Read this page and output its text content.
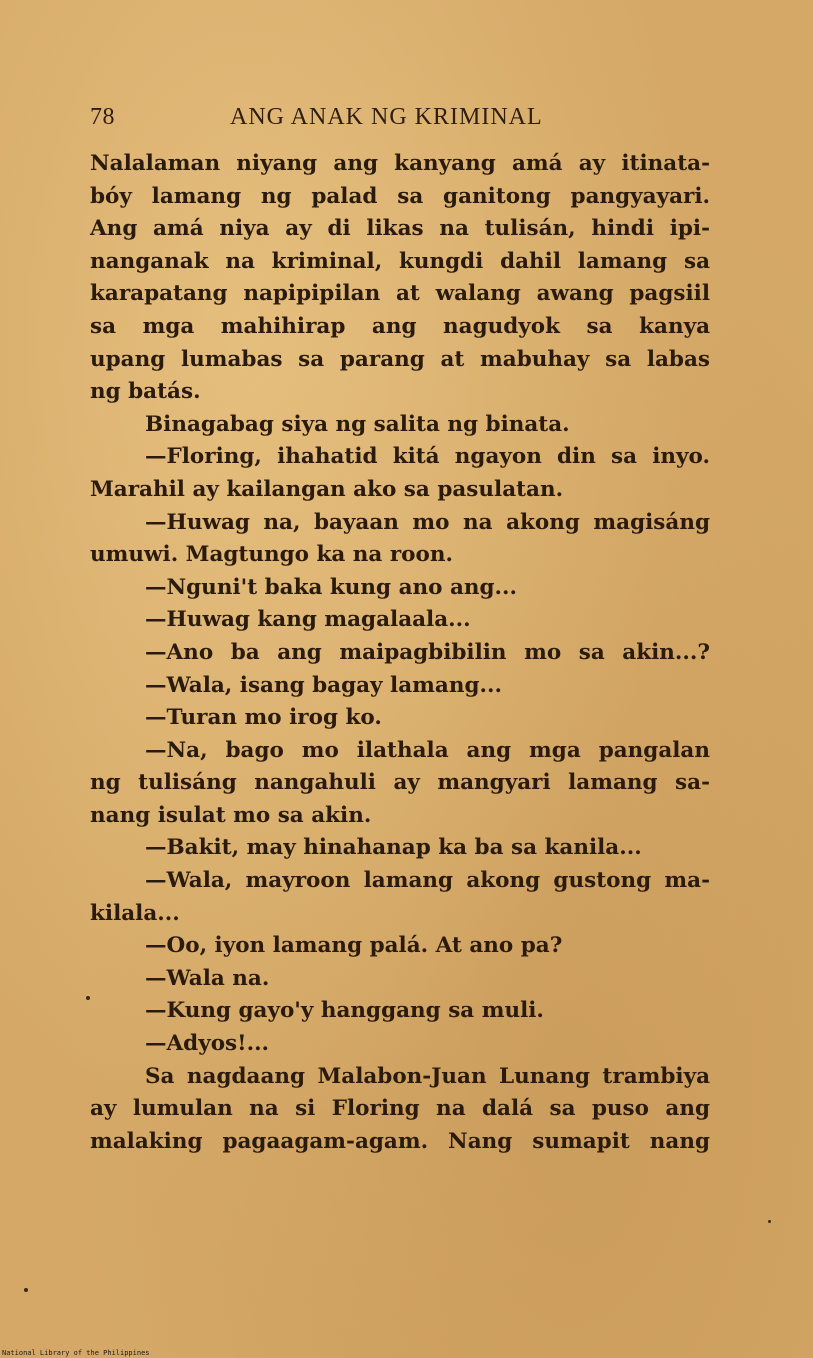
78	ANG ANAK NG KRIMINAL
Nalalaman niyang ang kanyang amá ay itinata-
bóy lamang ng palad sa ganitong pangyayari.
Ang amá niya ay di likas na tulisán, hindi ipi-
nanganak na kriminal, kungdi dahil lamang sa
karapatang napipipilan at walang awang pagsiil
sa mga mahihirap ang nagudyok sa kanya
upang lumabas sa parang at mabuhay sa labas
ng batás.
Binagabag siya ng salita ng binata.
—Floring, ihahatid kitá ngayon din sa inyo.
Marahil ay kailangan ako sa pasulatan.
—Huwag na, bayaan mo na akong magisáng
umuwi. Magtungo ka na roon.
—Nguni't baka kung ano ang...
—Huwag kang magalaala...
—Ano ba ang maipagbibilin mo sa akin...?
—Wala, isang bagay lamang...
—Turan mo irog ko.
—Na, bago mo ilathala ang mga pangalan
ng tulisáng nangahuli ay mangyari lamang sa-
nang isulat mo sa akin.
—Bakit, may hinahanap ka ba sa kanila...
—Wala, mayroon lamang akong gustong ma-
kilala...
—Oo, iyon lamang palá. At ano pa?
—Wala na.
—Kung gayo'y hanggang sa muli.
—Adyos!...
Sa nagdaang Malabon-Juan Lunang trambiya
ay lumulan na si Floring na dalá sa puso ang
malaking pagaagam-agam. Nang sumapit nang
National Library of the Philippines
